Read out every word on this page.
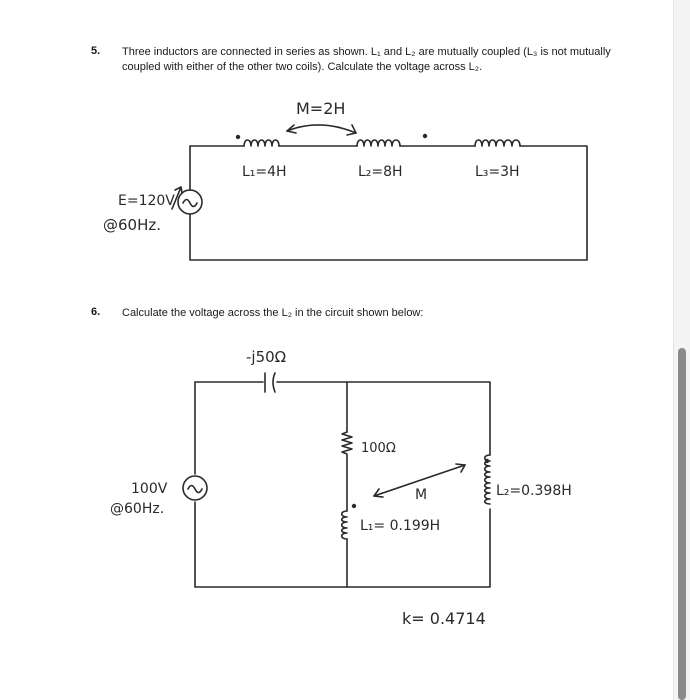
5. Three inductors are connected in series as shown. L₁ and L₂ are mutually coupled (L₃ is not mutually coupled with either of the other two coils). Calculate the voltage across L₂.
6. Calculate the voltage across the L₂ in the circuit shown below:
M=2H
L₁=4H	L₂=8H	L₃=3H
E=120V
@60Hz.
-j50Ω
100Ω
M
L₁= 0.199H
L₂=0.398H
100V
@60Hz.
k= 0.4714
